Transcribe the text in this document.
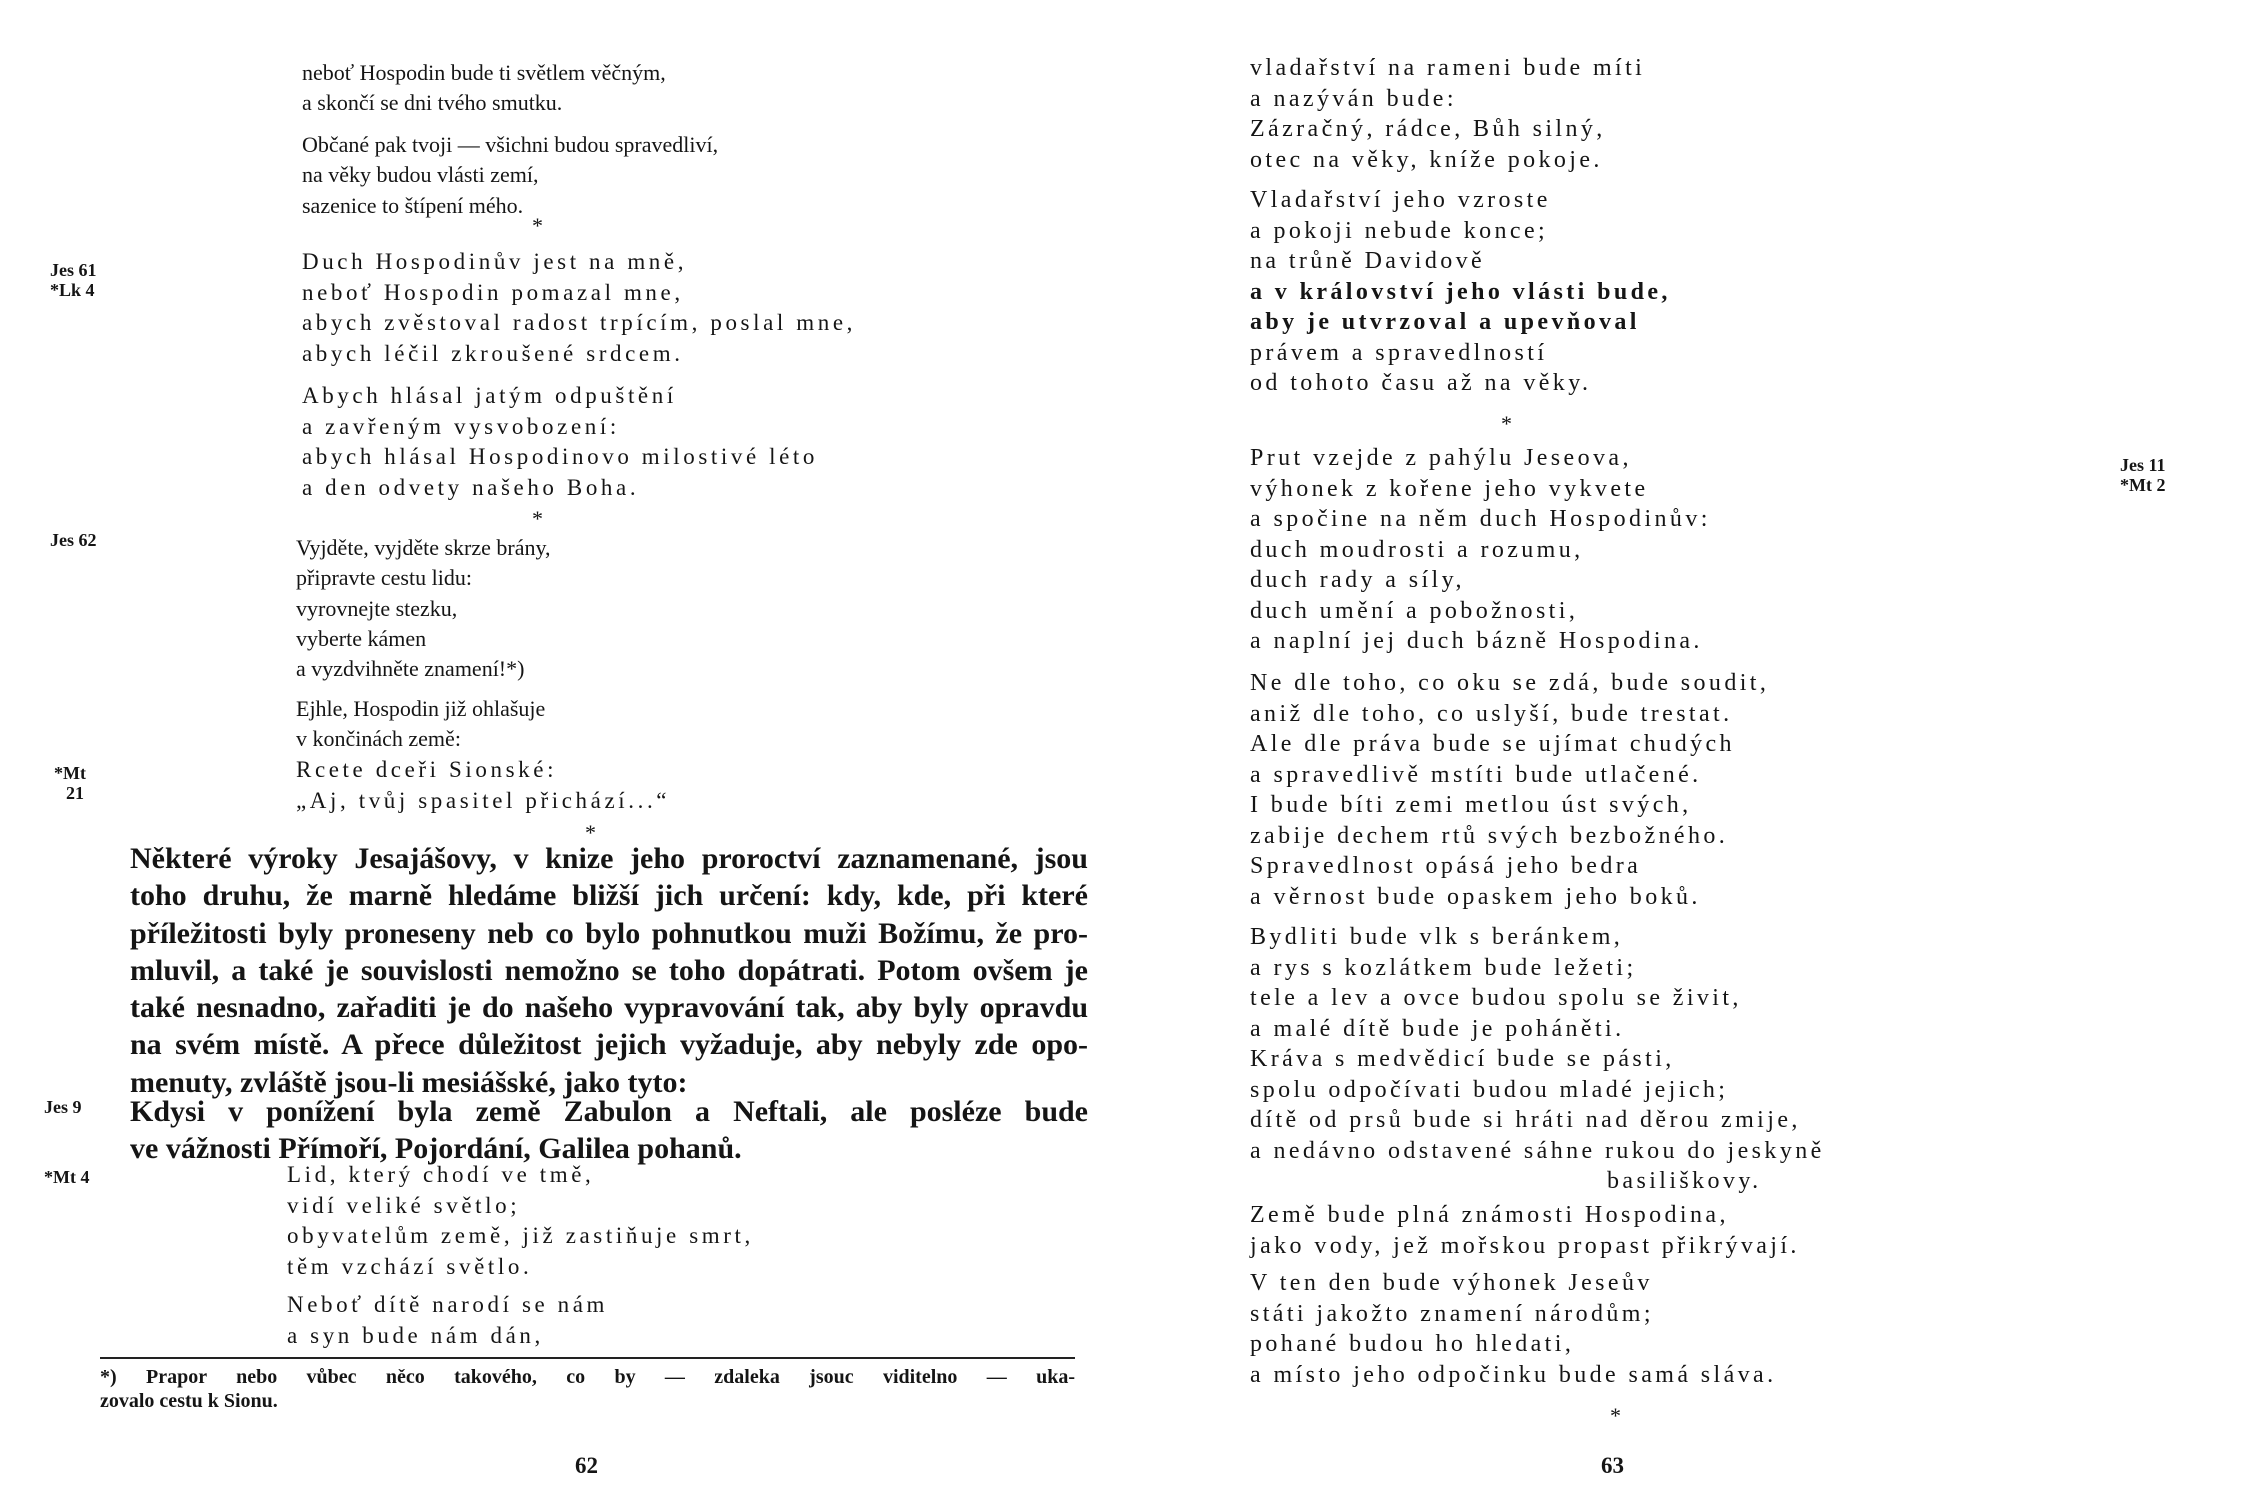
neboť Hospodin bude ti světlem věčným,

a skončí se dni tvého smutku.

Občané pak tvoji — všichni budou spravedliví,

na věky budou vlásti zemí,

sazenice to štípení mého.

*
Jes 61
*Lk 4

Duch Hospodinův jest na mně,

neboť Hospodin pomazal mne,

abych zvěstoval radost trpícím, poslal mne,

abych léčil zkroušené srdcem.

Abych hlásal jatým odpuštění

a zavřeným vysvobození:

abych hlásal Hospodinovo milostivé léto

a den odvety našeho Boha.

*
Jes 62	Vyjděte, vyjděte skrze brány,

připravte cestu lidu:

vyrovnejte stezku,

vyberte kámen

a vyzdvihněte znamení!*)

Ejhle, Hospodin již ohlašuje

v končinách země:

*Mt
21

Rcete dceři Sionské:

„Aj, tvůj spasitel přichází...“

*
Některé výroky Jesajášovy, v knize jeho proroctví zaznamenané, jsou
toho druhu, že marně hledáme bližší jich určení: kdy, kde, při které
příležitosti byly proneseny neb co bylo pohnutkou muži Božímu, že pro-
mluvil, a také je souvislosti nemožno se toho dopátrati. Potom ovšem je
také nesnadno, zařaditi je do našeho vypravování tak, aby byly opravdu
na svém místě. A přece důležitost jejich vyžaduje, aby nebyly zde opo-
menuty, zvláště jsou-li mesiášské, jako tyto:
Jes 9 Kdysi v ponížení byla země Zabulon a Neftali, ale posléze bude
ve vážnosti Přímoří, Pojordání, Galilea pohanů.
*Mt 4	Lid, který chodí ve tmě,

vidí veliké světlo;

obyvatelům země, již zastiňuje smrt,

těm vzchází světlo.

Neboť dítě narodí se nám

a syn bude nám dán,

*) Prapor nebo vůbec něco takového, co by — zdaleka jsouc viditelno — uka-
zovalo cestu k Sionu.
62

vladařství na rameni bude míti

a nazýván bude:

Zázračný, rádce, Bůh silný,

otec na věky, kníže pokoje.

Vladařství jeho vzroste

a pokoji nebude konce;

na trůně Davidově

a v království jeho vlásti bude,

aby je utvrzoval a upevňoval

právem a spravedlností

od tohoto času až na věky.

*
Jes 11
*Mt 2

Prut vzejde z pahýlu Jeseova,

výhonek z kořene jeho vykvete

a spočine na něm duch Hospodinův:

duch moudrosti a rozumu,

duch rady a síly,

duch umění a pobožnosti,

a naplní jej duch bázně Hospodina.

Ne dle toho, co oku se zdá, bude soudit,

aniž dle toho, co uslyší, bude trestat.

Ale dle práva bude se ujímat chudých

a spravedlivě mstíti bude utlačené.

I bude bíti zemi metlou úst svých,

zabije dechem rtů svých bezbožného.

Spravedlnost opásá jeho bedra

a věrnost bude opaskem jeho boků.

Bydliti bude vlk s beránkem,

a rys s kozlátkem bude ležeti;

tele a lev a ovce budou spolu se živit,

a malé dítě bude je poháněti.

Kráva s medvědicí bude se pásti,

spolu odpočívati budou mladé jejich;

dítě od prsů bude si hráti nad děrou zmije,

a nedávno odstavené sáhne rukou do jeskyně

basiliškovy.

Země bude plná známosti Hospodina,

jako vody, jež mořskou propast přikrývají.

V ten den bude výhonek Jeseův

státi jakožto znamení národům;

pohané budou ho hledati,

a místo jeho odpočinku bude samá sláva.

*
63
